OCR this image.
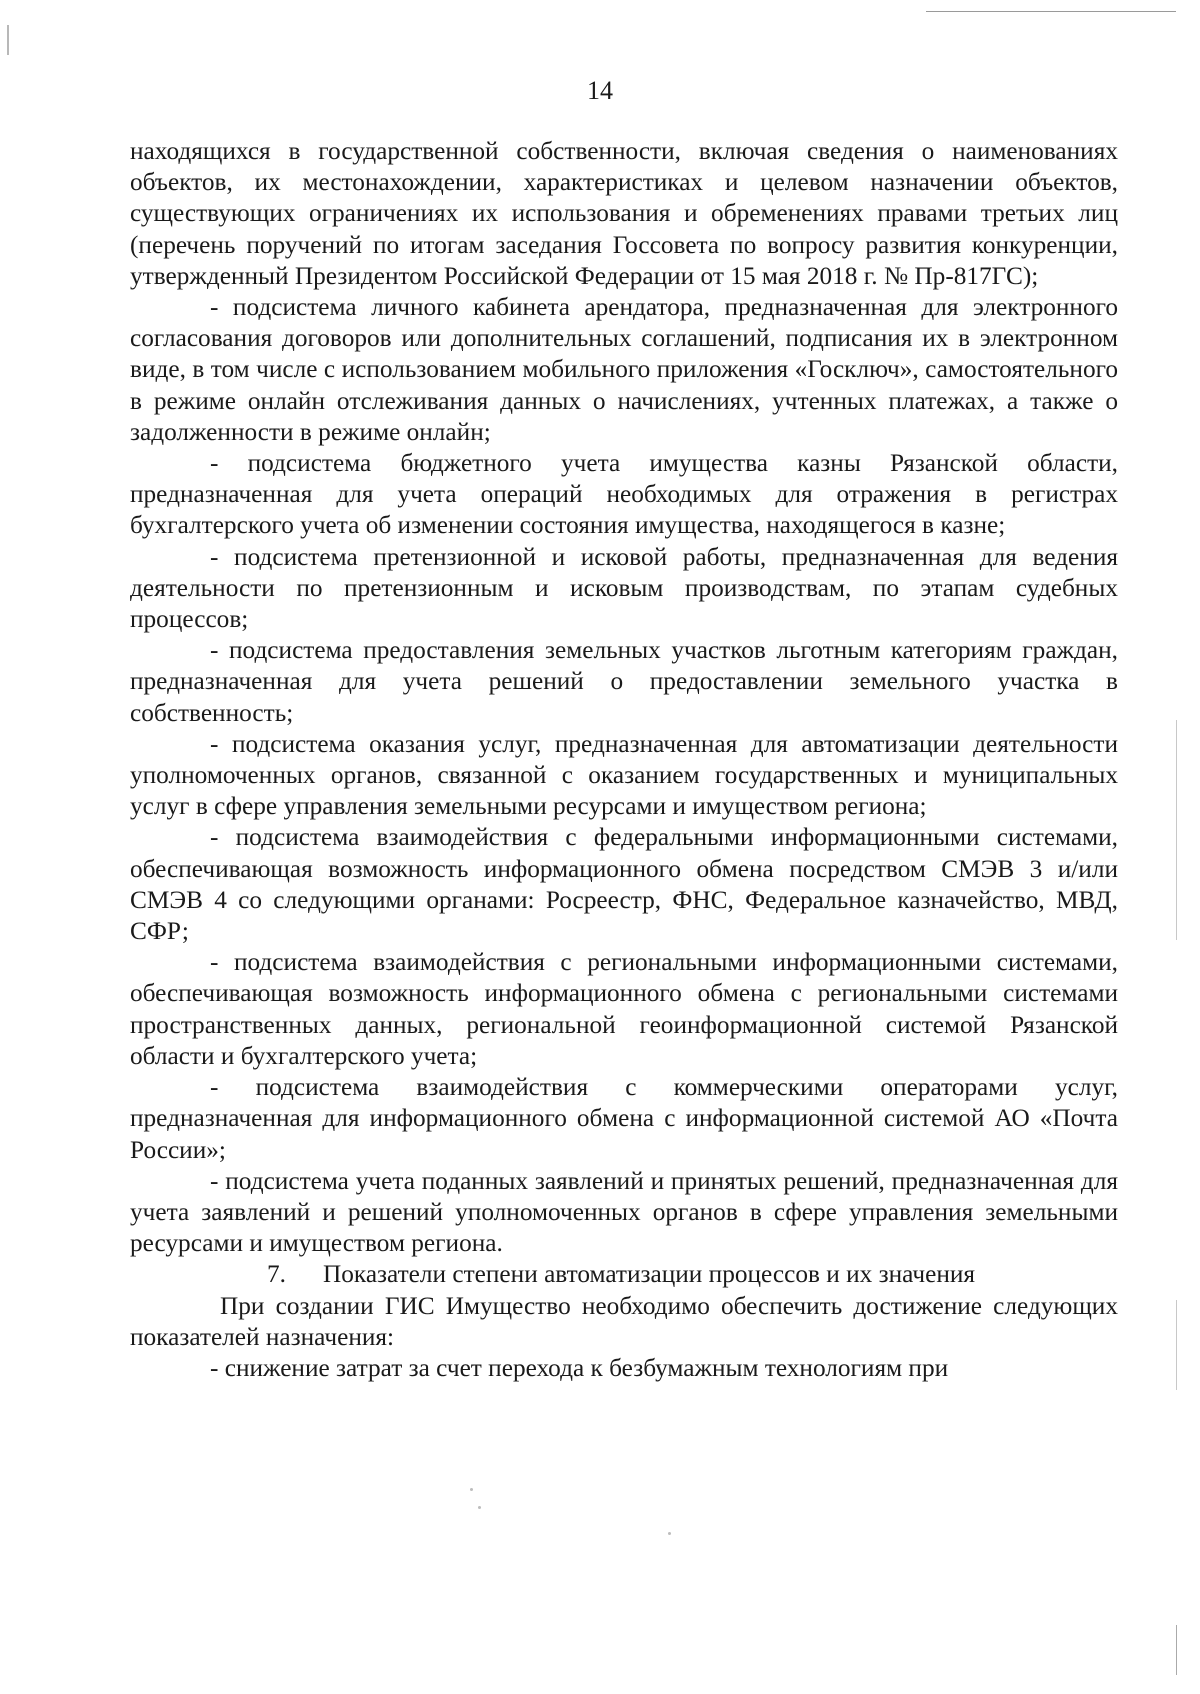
14

находящихся в государственной собственности, включая сведения о наименованиях объектов, их местонахождении, характеристиках и целевом назначении объектов, существующих ограничениях их использования и обременениях правами третьих лиц (перечень поручений по итогам заседания Госсовета по вопросу развития конкуренции, утвержденный Президентом Российской Федерации от 15 мая 2018 г. № Пр-817ГС);

- подсистема личного кабинета арендатора, предназначенная для электронного согласования договоров или дополнительных соглашений, подписания их в электронном виде, в том числе с использованием мобильного приложения «Госключ», самостоятельного в режиме онлайн отслеживания данных о начислениях, учтенных платежах, а также о задолженности в режиме онлайн;

- подсистема бюджетного учета имущества казны Рязанской области, предназначенная для учета операций необходимых для отражения в регистрах бухгалтерского учета об изменении состояния имущества, находящегося в казне;

- подсистема претензионной и исковой работы, предназначенная для ведения деятельности по претензионным и исковым производствам, по этапам судебных процессов;

- подсистема предоставления земельных участков льготным категориям граждан, предназначенная для учета решений о предоставлении земельного участка в собственность;

- подсистема оказания услуг, предназначенная для автоматизации деятельности уполномоченных органов, связанной с оказанием государственных и муниципальных услуг в сфере управления земельными ресурсами и имуществом региона;

- подсистема взаимодействия с федеральными информационными системами, обеспечивающая возможность информационного обмена посредством СМЭВ 3 и/или СМЭВ 4 со следующими органами: Росреестр, ФНС, Федеральное казначейство, МВД, СФР;

- подсистема взаимодействия с региональными информационными системами, обеспечивающая возможность информационного обмена с региональными системами пространственных данных, региональной геоинформационной системой Рязанской области и бухгалтерского учета;

- подсистема взаимодействия с коммерческими операторами услуг, предназначенная для информационного обмена с информационной системой АО «Почта России»;

- подсистема учета поданных заявлений и принятых решений, предназначенная для учета заявлений и решений уполномоченных органов в сфере управления земельными ресурсами и имуществом региона.

7. Показатели степени автоматизации процессов и их значения

При создании ГИС Имущество необходимо обеспечить достижение следующих показателей назначения:

- снижение затрат за счет перехода к безбумажным технологиям при
